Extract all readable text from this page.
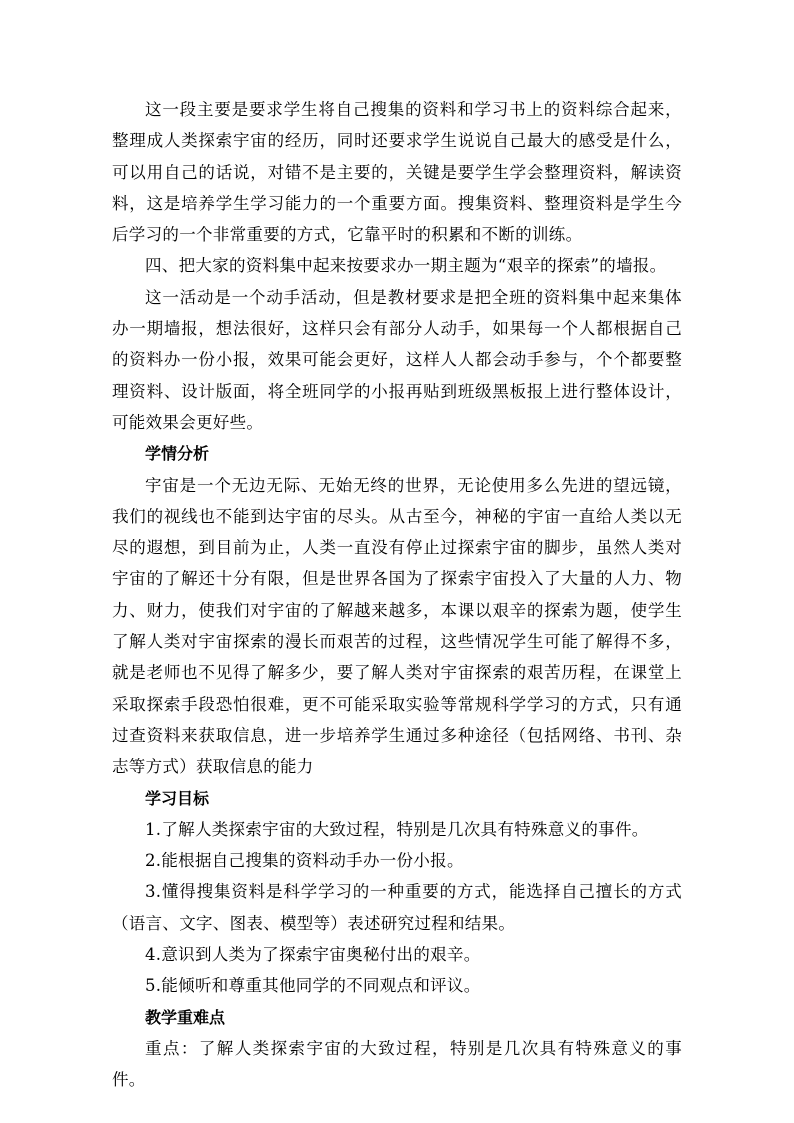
这一段主要是要求学生将自己搜集的资料和学习书上的资料综合起来，整理成人类探索宇宙的经历，同时还要求学生说说自己最大的感受是什么，可以用自己的话说，对错不是主要的，关键是要学生学会整理资料，解读资料，这是培养学生学习能力的一个重要方面。搜集资料、整理资料是学生今后学习的一个非常重要的方式，它靠平时的积累和不断的训练。

四、把大家的资料集中起来按要求办一期主题为“艰辛的探索”的墙报。

这一活动是一个动手活动，但是教材要求是把全班的资料集中起来集体办一期墙报，想法很好，这样只会有部分人动手，如果每一个人都根据自己的资料办一份小报，效果可能会更好，这样人人都会动手参与，个个都要整理资料、设计版面，将全班同学的小报再贴到班级黑板报上进行整体设计，可能效果会更好些。

学情分析

宇宙是一个无边无际、无始无终的世界，无论使用多么先进的望远镜，我们的视线也不能到达宇宙的尽头。从古至今，神秘的宇宙一直给人类以无尽的遐想，到目前为止，人类一直没有停止过探索宇宙的脚步，虽然人类对宇宙的了解还十分有限，但是世界各国为了探索宇宙投入了大量的人力、物力、财力，使我们对宇宙的了解越来越多，本课以艰辛的探索为题，使学生了解人类对宇宙探索的漫长而艰苦的过程，这些情况学生可能了解得不多，就是老师也不见得了解多少，要了解人类对宇宙探索的艰苦历程，在课堂上采取探索手段恐怕很难，更不可能采取实验等常规科学学习的方式，只有通过查资料来获取信息，进一步培养学生通过多种途径（包括网络、书刊、杂志等方式）获取信息的能力

学习目标

1.了解人类探索宇宙的大致过程，特别是几次具有特殊意义的事件。

2.能根据自己搜集的资料动手办一份小报。

3.懂得搜集资料是科学学习的一种重要的方式，能选择自己擅长的方式（语言、文字、图表、模型等）表述研究过程和结果。

4.意识到人类为了探索宇宙奥秘付出的艰辛。

5.能倾听和尊重其他同学的不同观点和评议。

教学重难点

重点：了解人类探索宇宙的大致过程，特别是几次具有特殊意义的事件。
